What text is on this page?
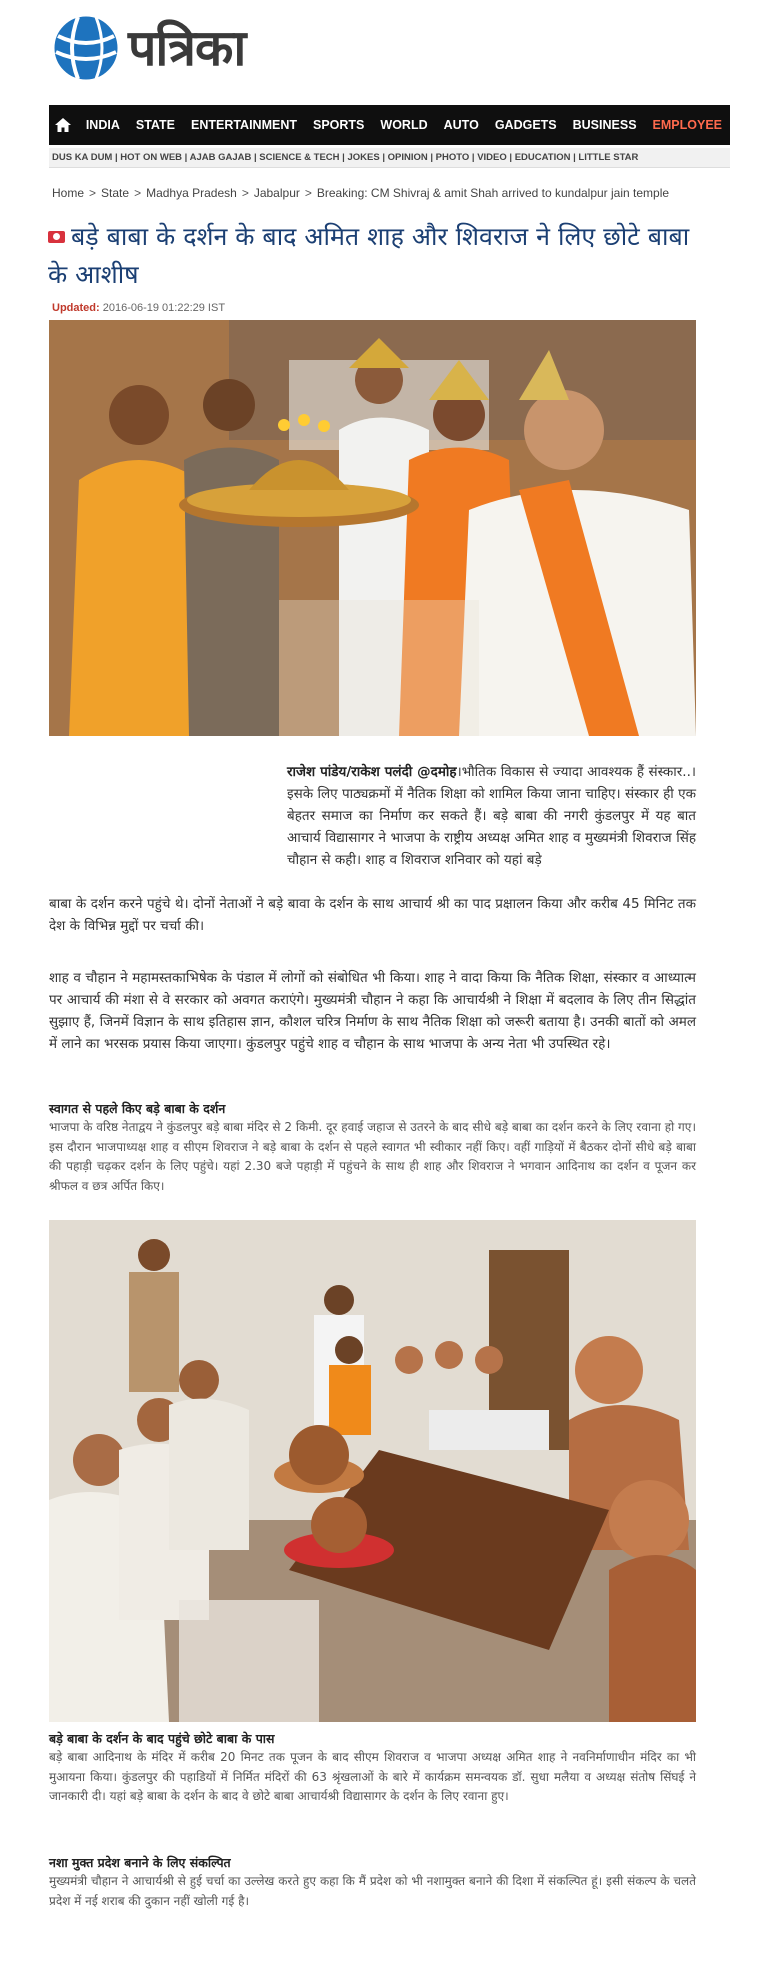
पत्रिका
INDIA	STATE	ENTERTAINMENT	SPORTS	WORLD	AUTO	GADGETS	BUSINESS	EMPLOYEE
DUS KA DUM | HOT ON WEB | AJAB GAJAB | SCIENCE & TECH | JOKES | OPINION | PHOTO | VIDEO | EDUCATION | LITTLE STAR
Home > State > Madhya Pradesh > Jabalpur > Breaking: CM Shivraj & amit Shah arrived to kundalpur jain temple
बड़े बाबा के दर्शन के बाद अमित शाह और शिवराज ने लिए छोटे बाबा के आशीष
Updated: 2016-06-19 01:22:29 IST
राजेश पांडेय/राकेश पलंदी @दमोह।भौतिक विकास से ज्यादा आवश्यक हैं संस्कार..। इसके लिए पाठ्यक्रमों में नैतिक शिक्षा को शामिल किया जाना चाहिए। संस्कार ही एक बेहतर समाज का निर्माण कर सकते हैं। बड़े बाबा की नगरी कुंडलपुर में यह बात आचार्य विद्यासागर ने भाजपा के राष्ट्रीय अध्यक्ष अमित शाह व मुख्यमंत्री शिवराज सिंह चौहान से कही। शाह व शिवराज शनिवार को यहां बड़े
बाबा के दर्शन करने पहुंचे थे। दोनों नेताओं ने बड़े बावा के दर्शन के साथ आचार्य श्री का पाद प्रक्षालन किया और करीब 45 मिनिट तक देश के विभिन्न मुद्दों पर चर्चा की।
शाह व चौहान ने महामस्तकाभिषेक के पंडाल में लोगों को संबोधित भी किया। शाह ने वादा किया कि नैतिक शिक्षा, संस्कार व आध्यात्म पर आचार्य की मंशा से वे सरकार को अवगत कराएंगे। मुख्यमंत्री चौहान ने कहा कि आचार्यश्री ने शिक्षा में बदलाव के लिए तीन सिद्धांत सुझाए हैं, जिनमें विज्ञान के साथ इतिहास ज्ञान, कौशल चरित्र निर्माण के साथ नैतिक शिक्षा को जरूरी बताया है। उनकी बातों को अमल में लाने का भरसक प्रयास किया जाएगा। कुंडलपुर पहुंचे शाह व चौहान के साथ भाजपा के अन्य नेता भी उपस्थित रहे।
स्वागत से पहले किए बड़े बाबा के दर्शन
भाजपा के वरिष्ठ नेताद्वय ने कुंडलपुर बड़े बाबा मंदिर से 2 किमी. दूर हवाई जहाज से उतरने के बाद सीधे बड़े बाबा का दर्शन करने के लिए रवाना हो गए। इस दौरान भाजपाध्यक्ष शाह व सीएम शिवराज ने बड़े बाबा के दर्शन से पहले स्वागत भी स्वीकार नहीं किए। वहीं गाड़ियों में बैठकर दोनों सीधे बड़े बाबा की पहाड़ी चढ़कर दर्शन के लिए पहुंचे। यहां 2.30 बजे पहाड़ी में पहुंचने के साथ ही शाह और शिवराज ने भगवान आदिनाथ का दर्शन व पूजन कर श्रीफल व छत्र अर्पित किए।
बड़े बाबा के दर्शन के बाद पहुंचे छोटे बाबा के पास
बड़े बाबा आदिनाथ के मंदिर में करीब 20 मिनट तक पूजन के बाद सीएम शिवराज व भाजपा अध्यक्ष अमित शाह ने नवनिर्माणाधीन मंदिर का भी मुआयना किया। कुंडलपुर की पहाडियों में निर्मित मंदिरों की 63 श्रृंखलाओं के बारे में कार्यक्रम समन्वयक डॉ. सुधा मलैया व अध्यक्ष संतोष सिंघई ने जानकारी दी। यहां बड़े बाबा के दर्शन के बाद वे छोटे बाबा आचार्यश्री विद्यासागर के दर्शन के लिए रवाना हुए।
नशा मुक्त प्रदेश बनाने के लिए संकल्पित
मुख्यमंत्री चौहान ने आचार्यश्री से हुई चर्चा का उल्लेख करते हुए कहा कि मैं प्रदेश को भी नशामुक्त बनाने की दिशा में संकल्पित हूं। इसी संकल्प के चलते प्रदेश में नई शराब की दुकान नहीं खोली गई है।
